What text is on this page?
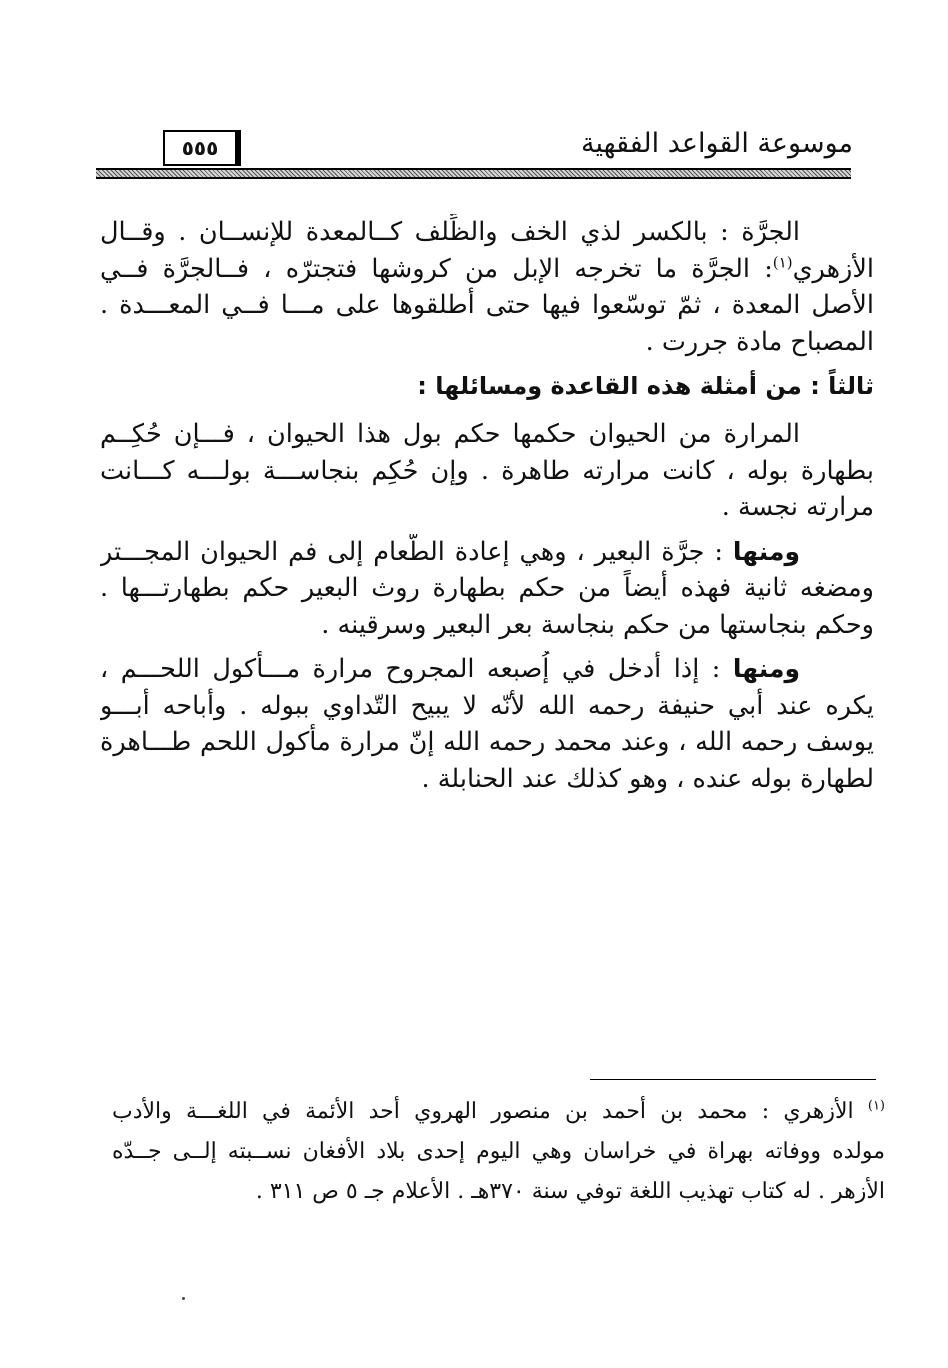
موسوعة القواعد الفقهية
٥٥٥
الجرَّة : بالكسر لذي الخف والظِّلف كــالمعدة للإنســان . وقــال
الأزهري$^{(١)}$: الجرَّة ما تخرجه الإبل من كروشها فتجترّه ، فــالجرَّة فــي
الأصل المعدة ، ثمّ توسّعوا فيها حتى أطلقوها على مـــا فــي المعـــدة .
المصباح مادة جررت .
ثالثاً : من أمثلة هذه القاعدة ومسائلها :
المرارة من الحيوان حكمها حكم بول هذا الحيوان ، فـــإن حُكِــم
بطهارة بوله ، كانت مرارته طاهرة . وإن حُكِم بنجاســـة بولـــه كـــانت
مرارته نجسة .
ومنها : جرَّة البعير ، وهي إعادة الطّعام إلى فم الحيوان المجـــتر
ومضغه ثانية فهذه أيضاً من حكم بطهارة روث البعير حكم بطهارتـــها .
وحكم بنجاستها من حكم بنجاسة بعر البعير وسرقينه .
ومنها : إذا أدخل في إُصبعه المجروح مرارة مـــأكول اللحـــم ،
يكره عند أبي حنيفة رحمه الله لأنّه لا يبيح التّداوي ببوله . وأباحه أبـــو
يوسف رحمه الله ، وعند محمد رحمه الله إنّ مرارة مأكول اللحم طـــاهرة
لطهارة بوله عنده ، وهو كذلك عند الحنابلة .
$^{(١)}$ الأزهري : محمد بن أحمد بن منصور الهروي أحد الأئمة في اللغـــة والأدب
مولده ووفاته بهراة في خراسان وهي اليوم إحدى بلاد الأفغان نســبته إلــى جــدّه
الأزهر . له كتاب تهذيب اللغة توفي سنة ٣٧٠هـ . الأعلام جـ ٥ ص ٣١١ .
